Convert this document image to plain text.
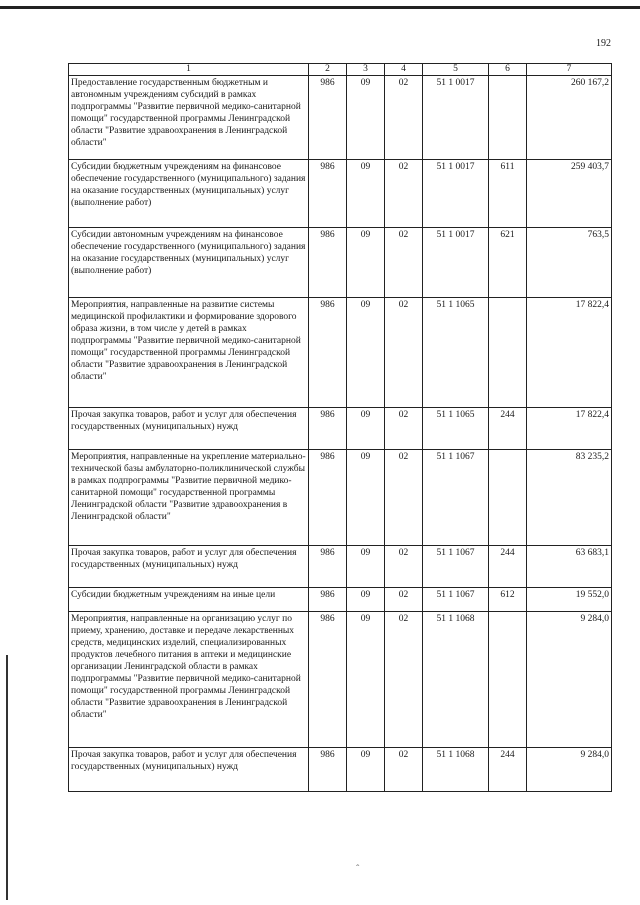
192
1	2	3	4	5	6	7
Предоставление государственным бюджетным и автономным учреждениям субсидий в рамках подпрограммы "Развитие первичной медико-санитарной помощи" государственной программы Ленинградской области "Развитие здравоохранения в Ленинградской области"	986	09	02	51 1 0017		260 167,2
Субсидии бюджетным учреждениям на финансовое обеспечение государственного (муниципального) задания на оказание государственных (муниципальных) услуг (выполнение работ)	986	09	02	51 1 0017	611	259 403,7
Субсидии автономным учреждениям на финансовое обеспечение государственного (муниципального) задания на оказание государственных (муниципальных) услуг (выполнение работ)	986	09	02	51 1 0017	621	763,5
Мероприятия, направленные на развитие системы медицинской профилактики и формирование здорового образа жизни, в том числе у детей в рамках подпрограммы "Развитие первичной медико-санитарной помощи" государственной программы Ленинградской области "Развитие здравоохранения в Ленинградской области"	986	09	02	51 1 1065		17 822,4
Прочая закупка товаров, работ и услуг для обеспечения государственных (муниципальных) нужд	986	09	02	51 1 1065	244	17 822,4
Мероприятия, направленные на укрепление материально-технической базы амбулаторно-поликлинической службы в рамках подпрограммы "Развитие первичной медико-санитарной помощи" государственной программы Ленинградской области "Развитие здравоохранения в Ленинградской области"	986	09	02	51 1 1067		83 235,2
Прочая закупка товаров, работ и услуг для обеспечения государственных (муниципальных) нужд	986	09	02	51 1 1067	244	63 683,1
Субсидии бюджетным учреждениям на иные цели	986	09	02	51 1 1067	612	19 552,0
Мероприятия, направленные на организацию услуг по приему, хранению, доставке и передаче лекарственных средств, медицинских изделий, специализированных продуктов лечебного питания в аптеки и медицинские организации Ленинградской области в рамках подпрограммы "Развитие первичной медико-санитарной помощи" государственной программы Ленинградской области "Развитие здравоохранения в Ленинградской области"	986	09	02	51 1 1068		9 284,0
Прочая закупка товаров, работ и услуг для обеспечения государственных (муниципальных) нужд	986	09	02	51 1 1068	244	9 284,0
ˆ
